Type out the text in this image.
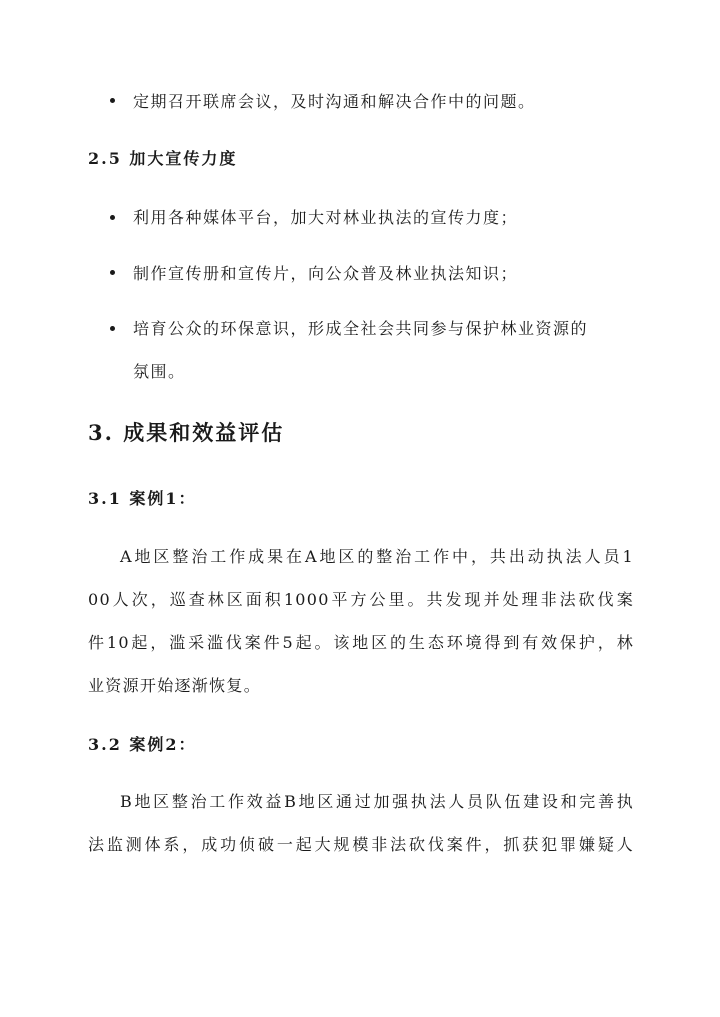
定期召开联席会议，及时沟通和解决合作中的问题。
2.5 加大宣传力度
利用各种媒体平台，加大对林业执法的宣传力度；
制作宣传册和宣传片，向公众普及林业执法知识；
培育公众的环保意识，形成全社会共同参与保护林业资源的
氛围。
3. 成果和效益评估
3.1 案例1：
A地区整治工作成果在A地区的整治工作中，共出动执法人员1
00人次，巡查林区面积1000平方公里。共发现并处理非法砍伐案
件10起，滥采滥伐案件5起。该地区的生态环境得到有效保护，林
业资源开始逐渐恢复。
3.2 案例2：
B地区整治工作效益B地区通过加强执法人员队伍建设和完善执
法监测体系，成功侦破一起大规模非法砍伐案件，抓获犯罪嫌疑人
